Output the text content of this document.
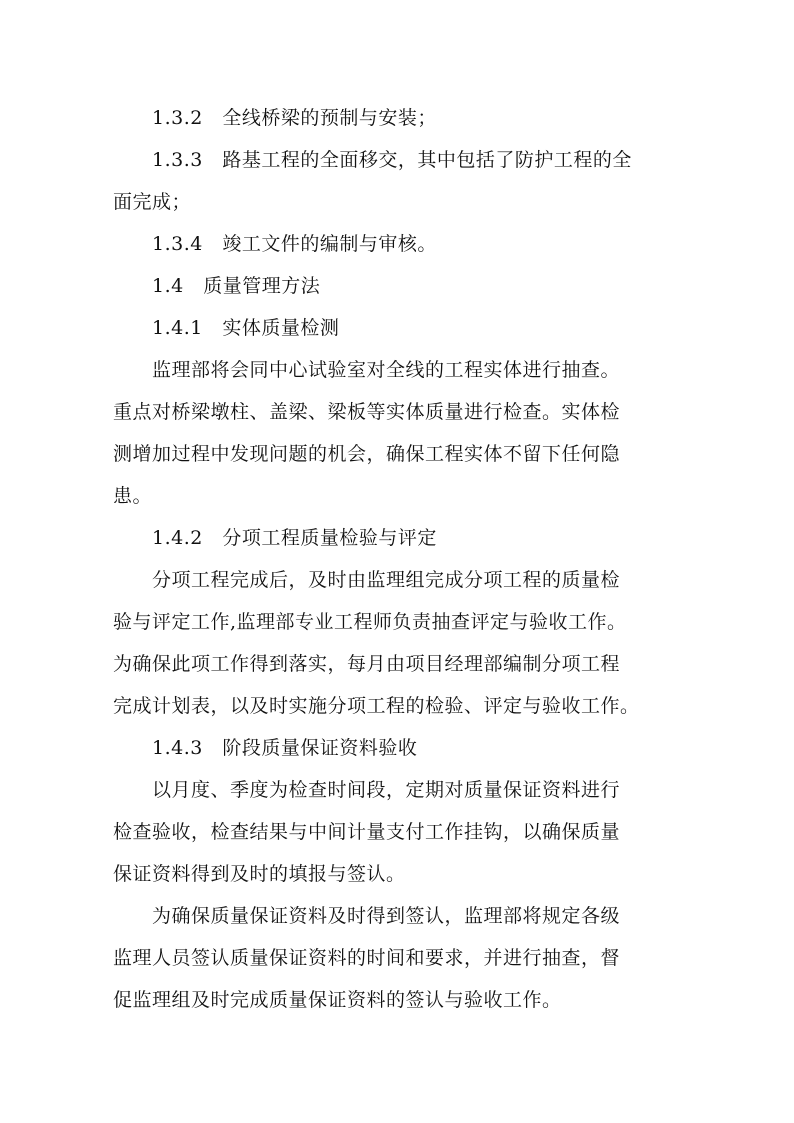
1.3.2　全线桥梁的预制与安装；
1.3.3　路基工程的全面移交，其中包括了防护工程的全
面完成；
1.3.4　竣工文件的编制与审核。
1.4　质量管理方法
1.4.1　实体质量检测
监理部将会同中心试验室对全线的工程实体进行抽查。
重点对桥梁墩柱、盖梁、梁板等实体质量进行检查。实体检
测增加过程中发现问题的机会，确保工程实体不留下任何隐
患。
1.4.2　分项工程质量检验与评定
分项工程完成后，及时由监理组完成分项工程的质量检
验与评定工作,监理部专业工程师负责抽查评定与验收工作。
为确保此项工作得到落实，每月由项目经理部编制分项工程
完成计划表，以及时实施分项工程的检验、评定与验收工作。
1.4.3　阶段质量保证资料验收
以月度、季度为检查时间段，定期对质量保证资料进行
检查验收，检查结果与中间计量支付工作挂钩，以确保质量
保证资料得到及时的填报与签认。
为确保质量保证资料及时得到签认，监理部将规定各级
监理人员签认质量保证资料的时间和要求，并进行抽查，督
促监理组及时完成质量保证资料的签认与验收工作。
